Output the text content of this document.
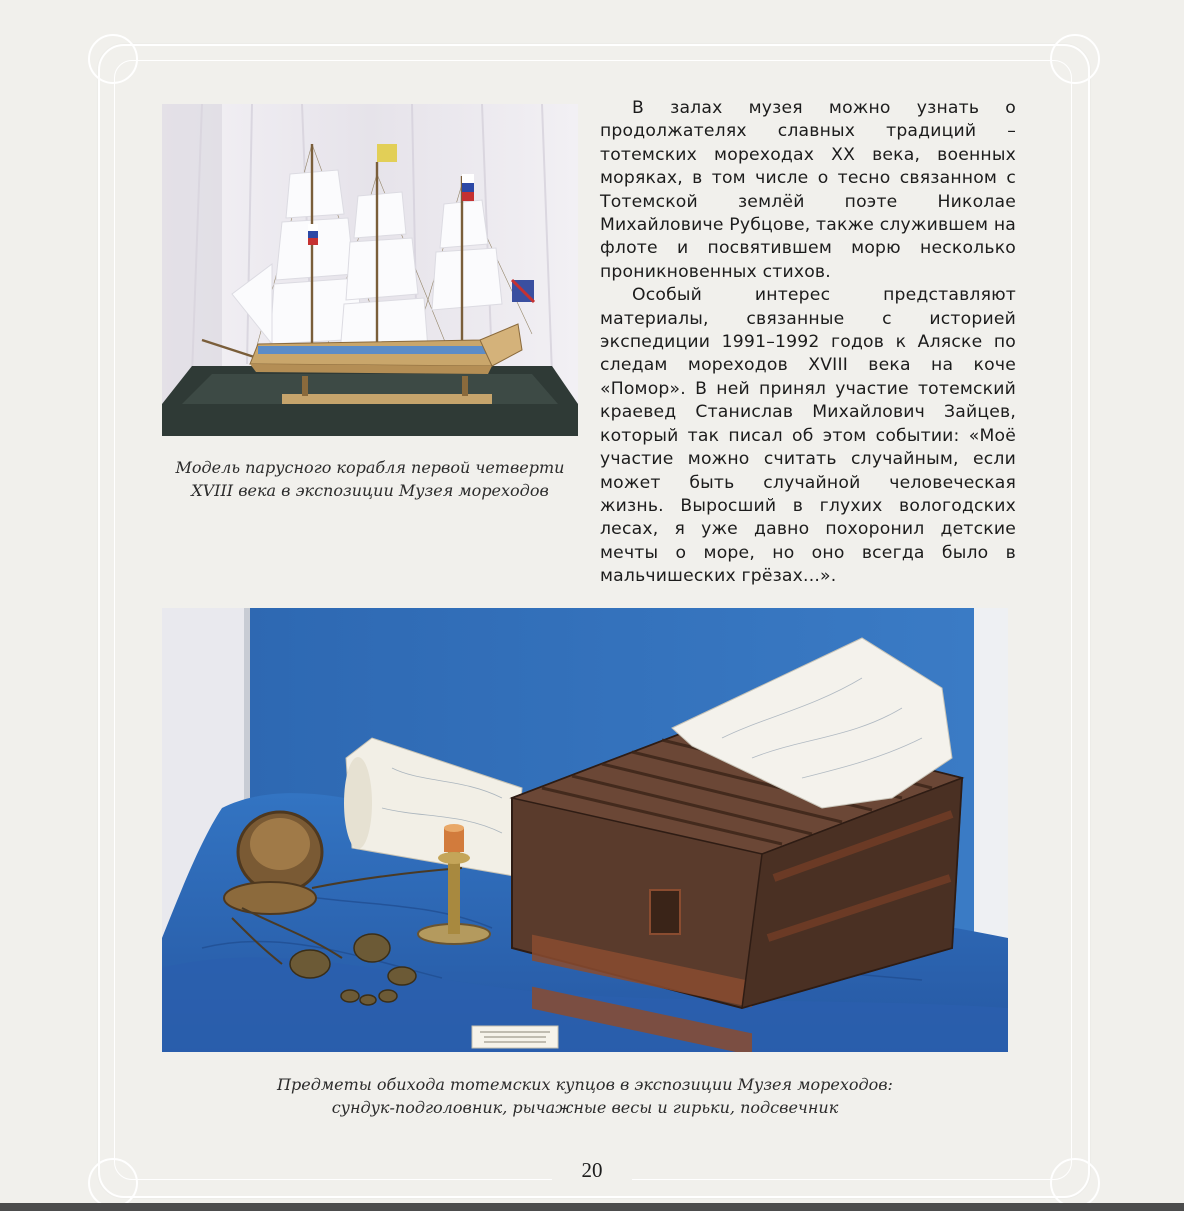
Модель парусного корабля первой четверти
XVIII века в экспозиции Музея мореходов

В залах музея можно узнать о продолжателях славных традиций – тотемских мореходах XX века, военных моряках, в том числе о тесно связанном с Тотемской землёй поэте Николае Михайловиче Рубцове, также служившем на флоте и посвятившем морю несколько проникновенных стихов.

Особый интерес представляют материалы, связанные с историей экспедиции 1991–1992 годов к Аляске по следам мореходов XVIII века на коче «Помор». В ней принял участие тотемский краевед Станислав Михайлович Зайцев, который так писал об этом событии: «Моё участие можно считать случайным, если может быть случайной человеческая жизнь. Выросший в глухих вологодских лесах, я уже давно похоронил детские мечты о море, но оно всегда было в мальчишеских грёзах...».

Предметы обихода тотемских купцов в экспозиции Музея мореходов:
сундук-подголовник, рычажные весы и гирьки, подсвечник
20
